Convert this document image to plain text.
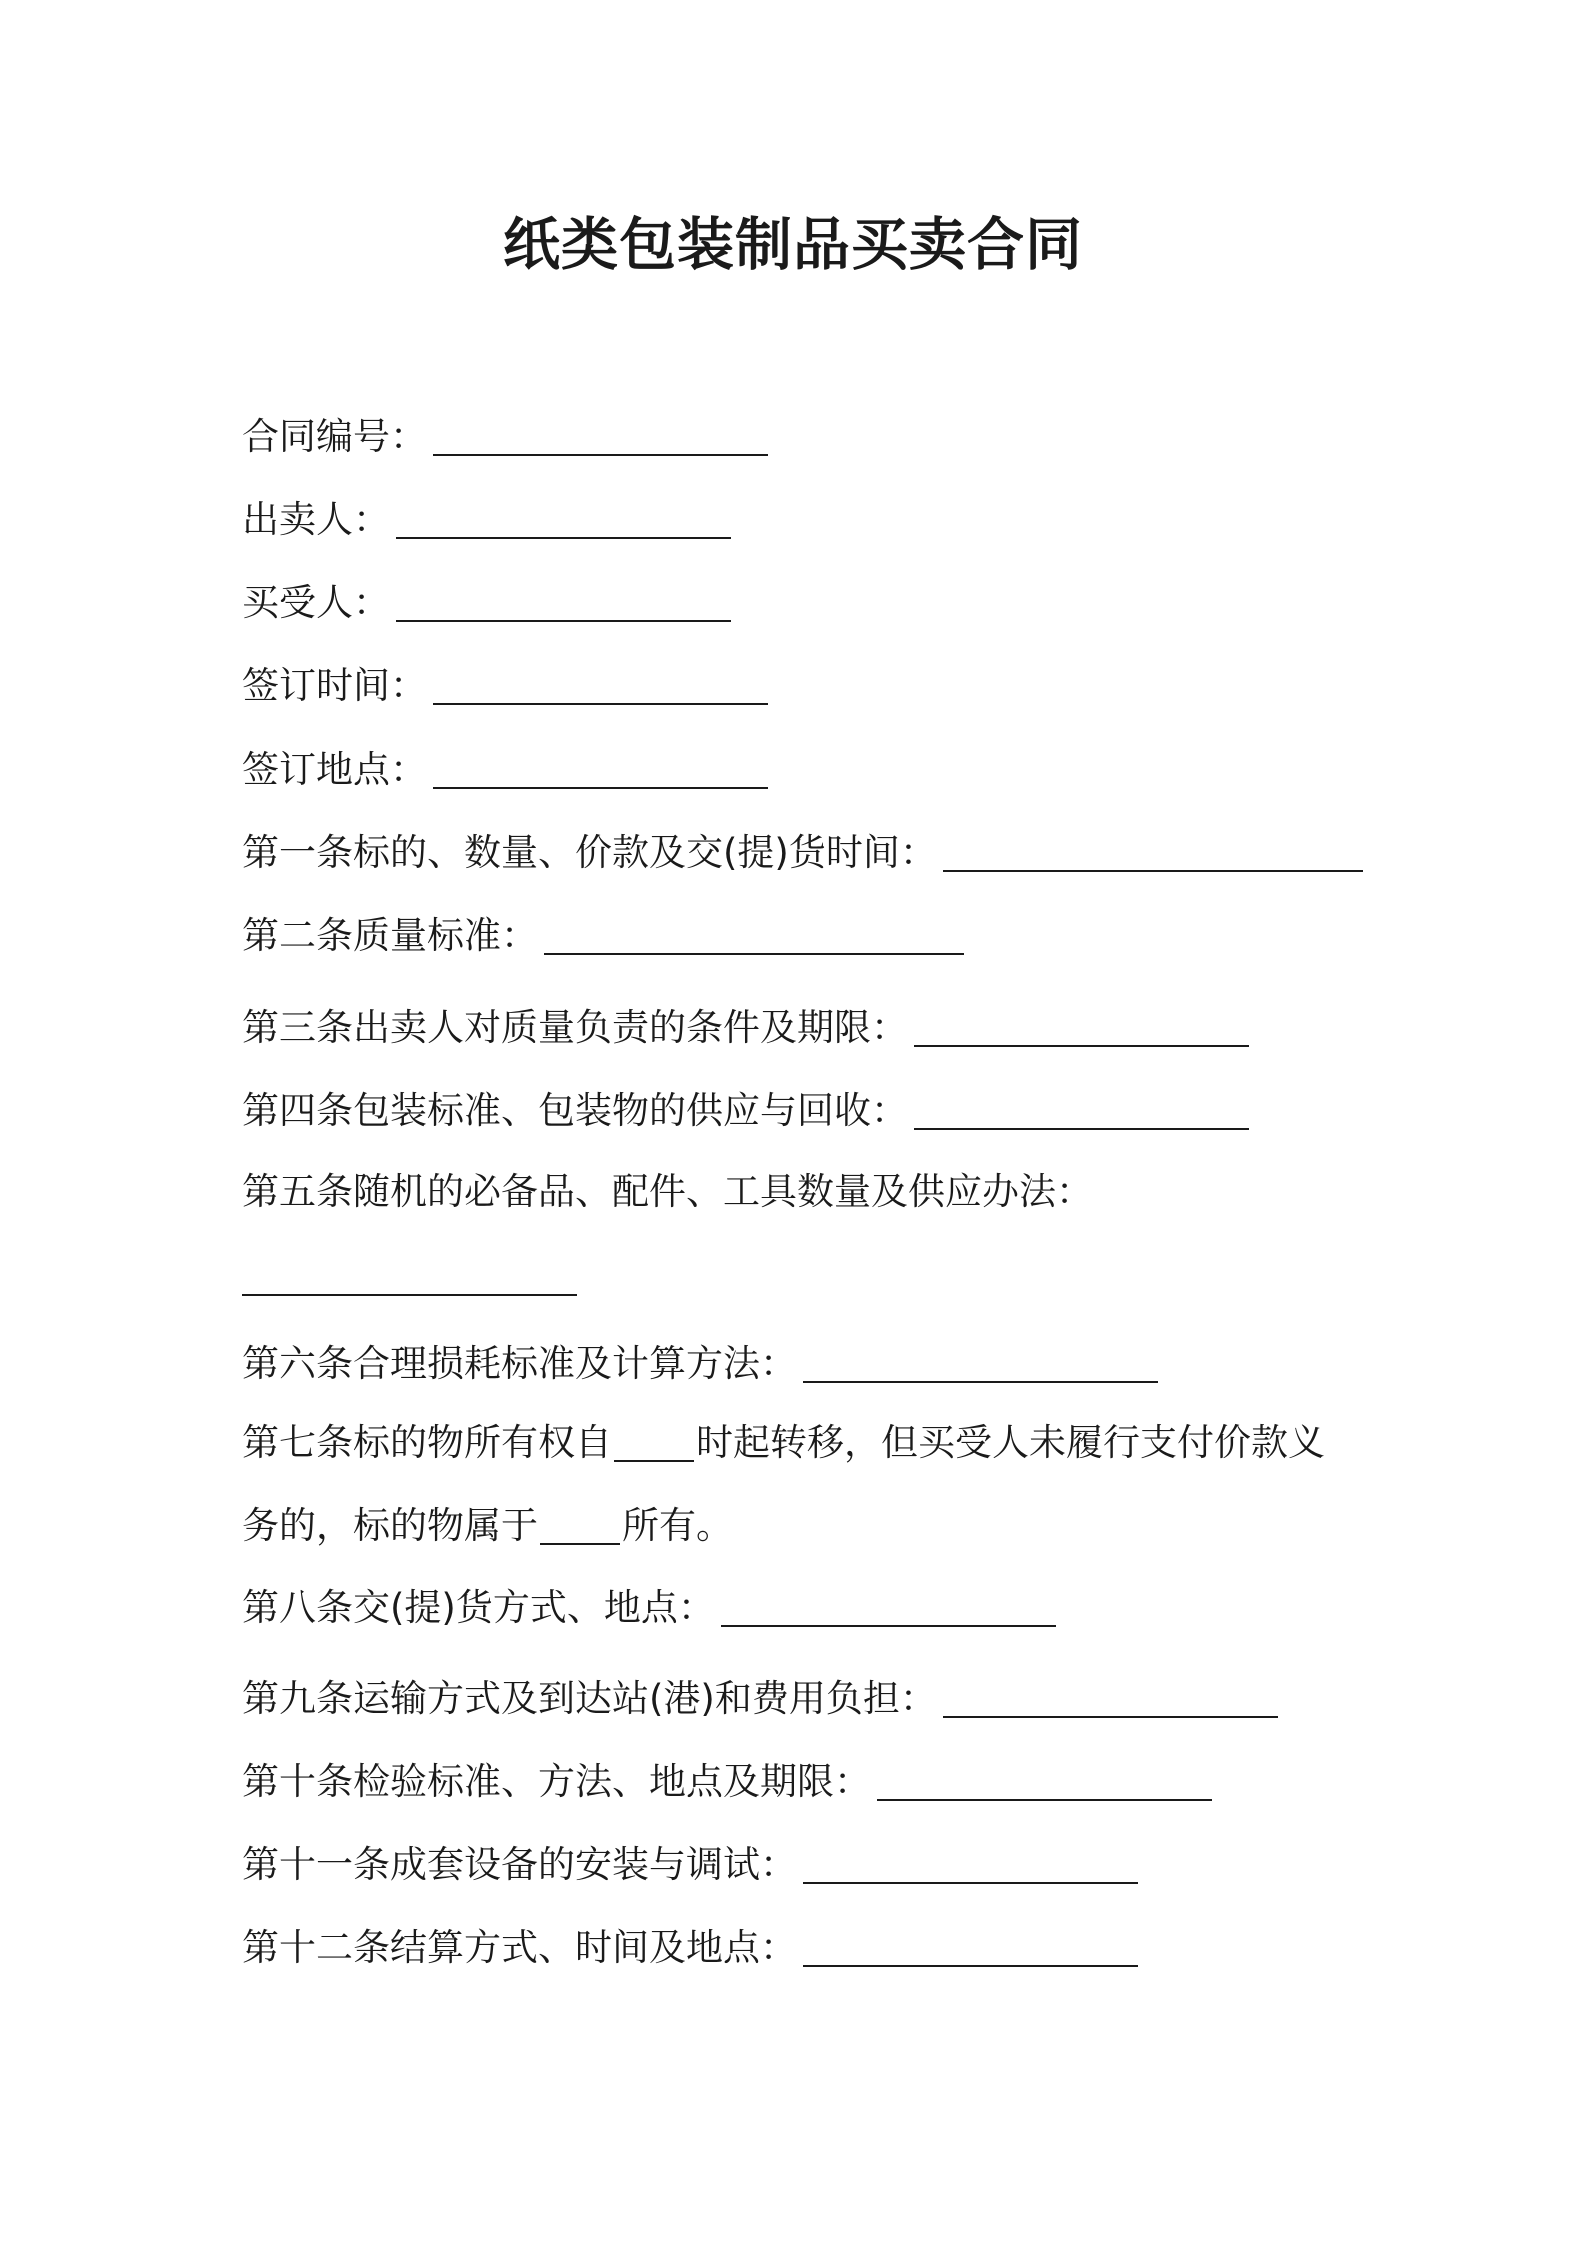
纸类包装制品买卖合同
合同编号：
出卖人：
买受人：
签订时间：
签订地点：
第一条标的、数量、价款及交(提)货时间：
第二条质量标准：
第三条出卖人对质量负责的条件及期限：
第四条包装标准、包装物的供应与回收：
第五条随机的必备品、配件、工具数量及供应办法：
第六条合理损耗标准及计算方法：
第七条标的物所有权自 时起转移，但买受人未履行支付价款义
务的，标的物属于 所有。
第八条交(提)货方式、地点：
第九条运输方式及到达站(港)和费用负担：
第十条检验标准、方法、地点及期限：
第十一条成套设备的安装与调试：
第十二条结算方式、时间及地点：
